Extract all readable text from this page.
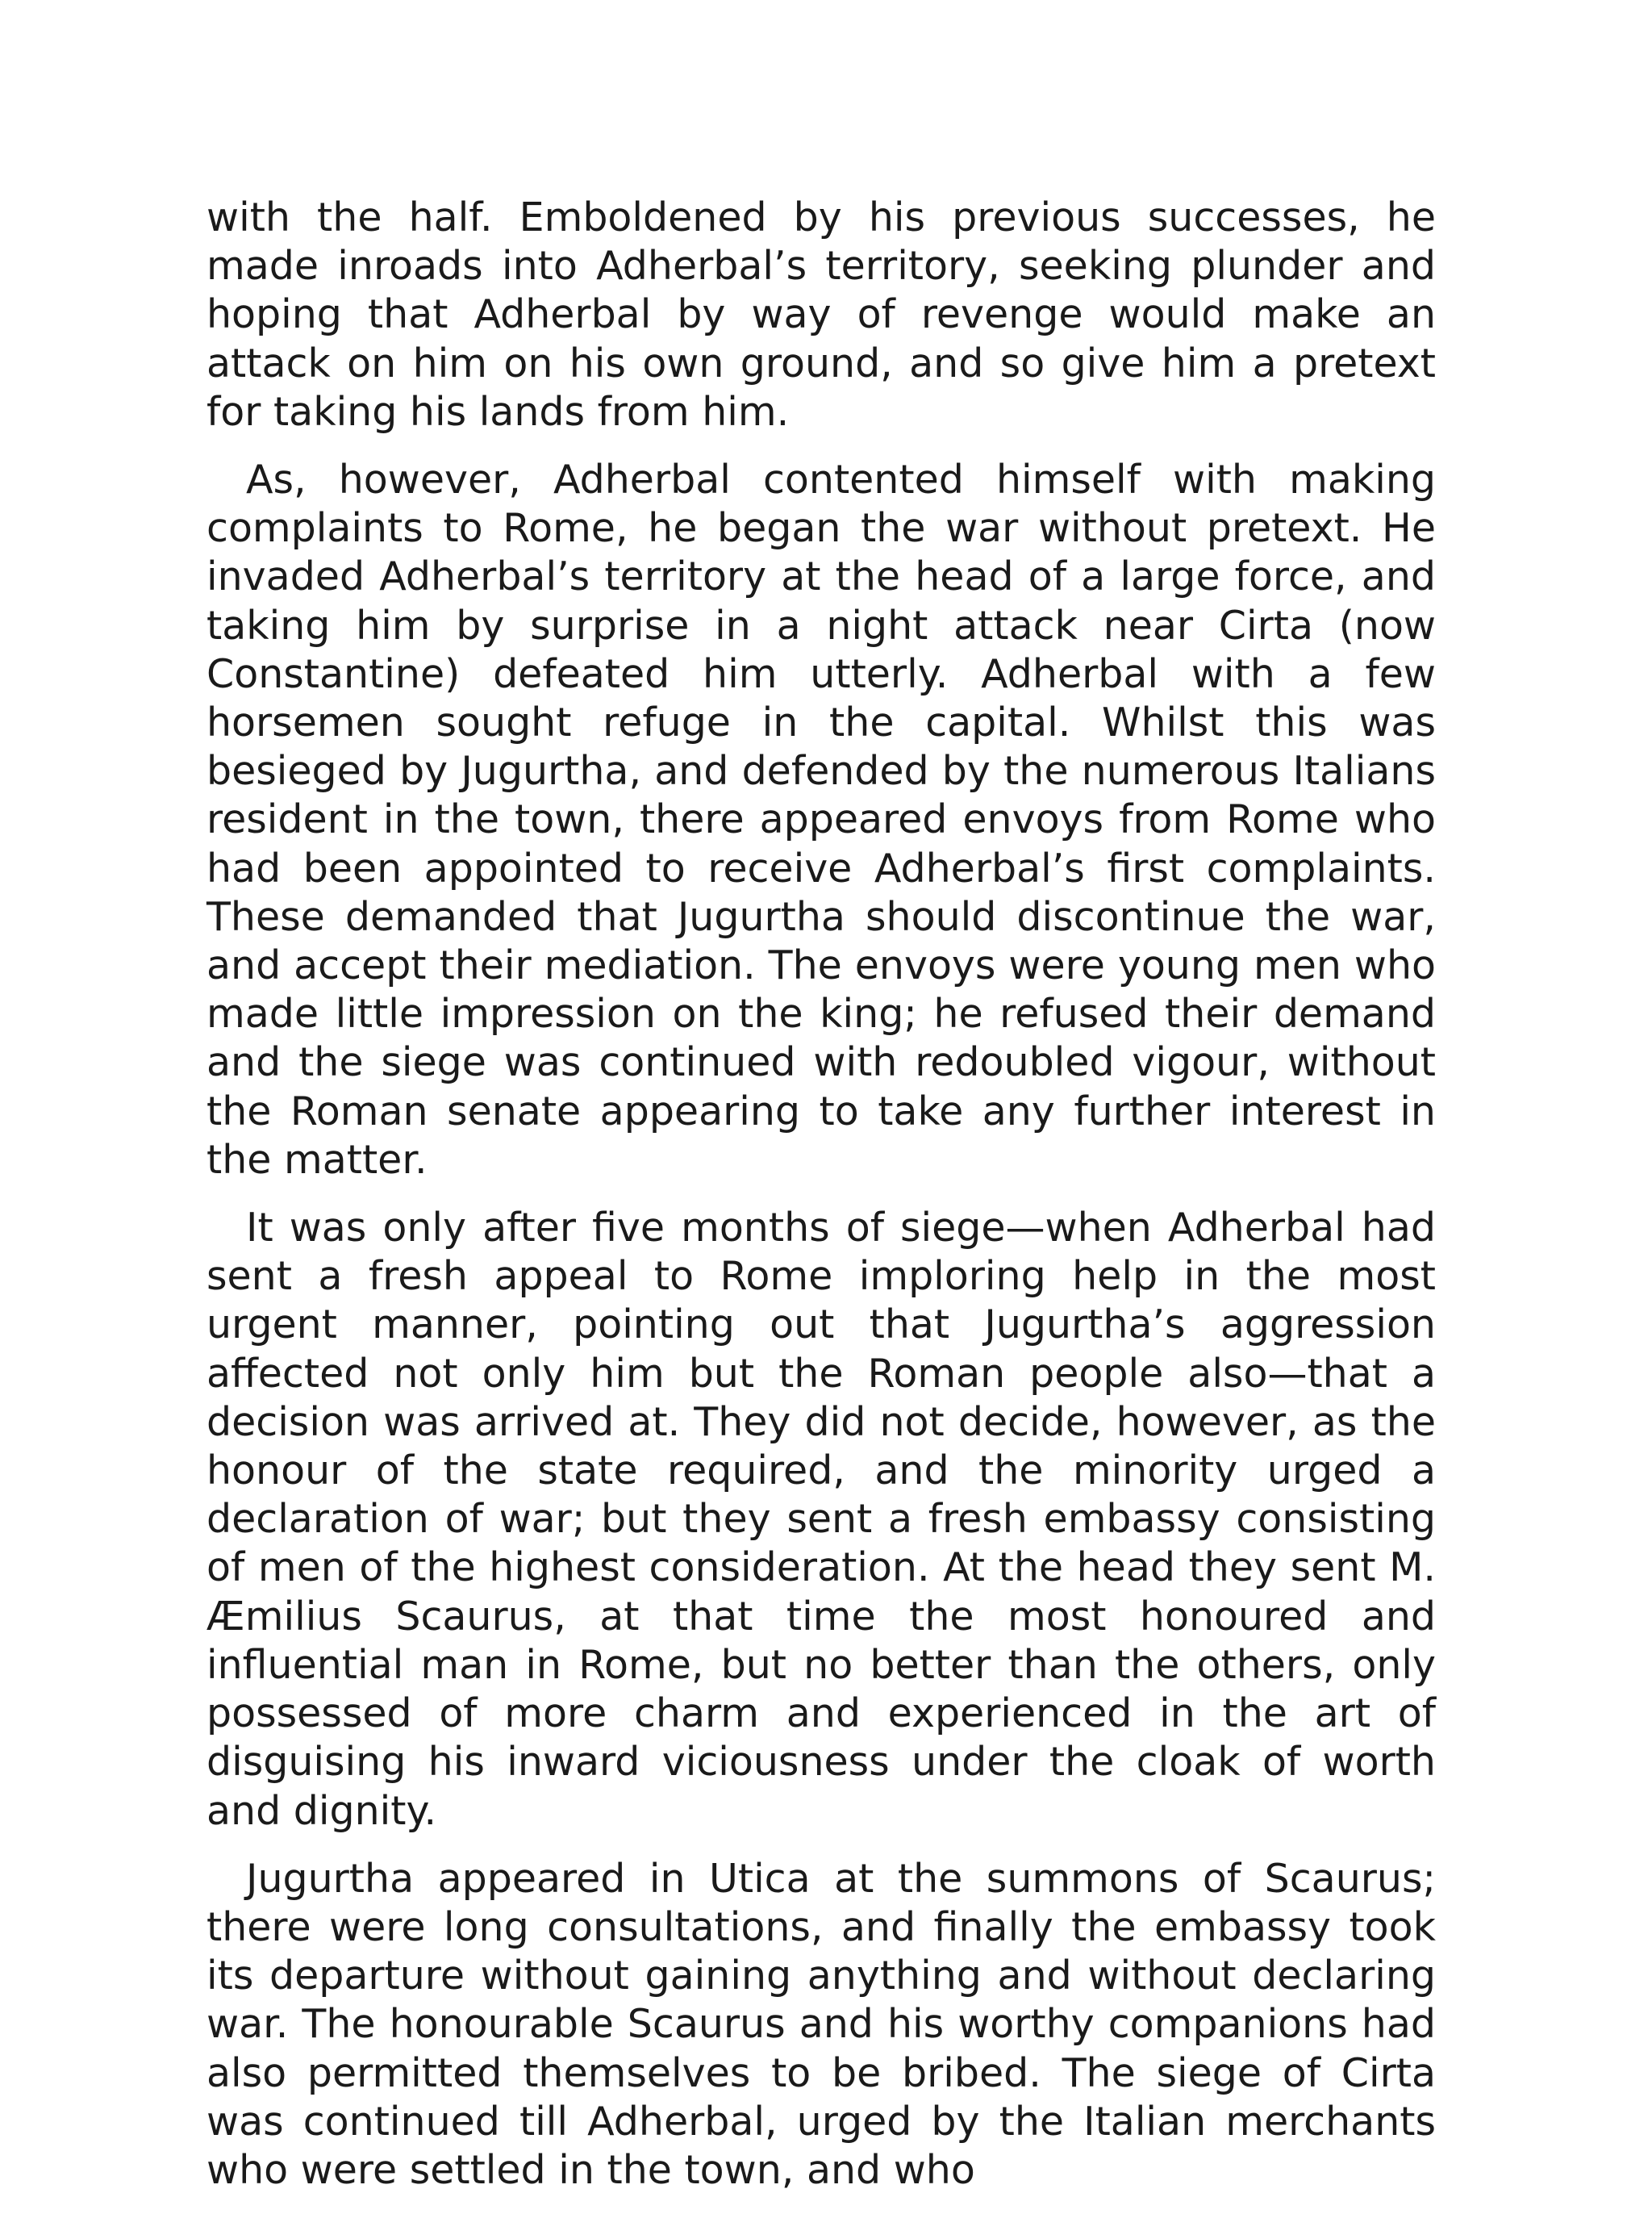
with the half. Emboldened by his previous successes, he made inroads into Adherbal’s territory, seeking plunder and hoping that Adherbal by way of revenge would make an attack on him on his own ground, and so give him a pretext for taking his lands from him.

As, however, Adherbal contented himself with making complaints to Rome, he began the war without pretext. He invaded Adherbal’s territory at the head of a large force, and taking him by surprise in a night attack near Cirta (now Constantine) defeated him utterly. Adherbal with a few horsemen sought refuge in the capital. Whilst this was besieged by Jugurtha, and defended by the numerous Italians resident in the town, there appeared envoys from Rome who had been appointed to receive Adherbal’s first complaints. These demanded that Jugurtha should discontinue the war, and accept their mediation. The envoys were young men who made little impression on the king; he refused their demand and the siege was continued with redoubled vigour, without the Roman senate appearing to take any further interest in the matter.

It was only after five months of siege—when Adherbal had sent a fresh appeal to Rome imploring help in the most urgent manner, pointing out that Jugurtha’s aggression affected not only him but the Roman people also—that a decision was arrived at. They did not decide, however, as the honour of the state required, and the minority urged a declaration of war; but they sent a fresh embassy consisting of men of the highest consideration. At the head they sent M. Æmilius Scaurus, at that time the most honoured and influential man in Rome, but no better than the others, only possessed of more charm and experienced in the art of disguising his inward viciousness under the cloak of worth and dignity.

Jugurtha appeared in Utica at the summons of Scaurus; there were long consultations, and finally the embassy took its departure without gaining anything and without declaring war. The honourable Scaurus and his worthy companions had also permitted themselves to be bribed. The siege of Cirta was continued till Adherbal, urged by the Italian merchants who were settled in the town, and who
